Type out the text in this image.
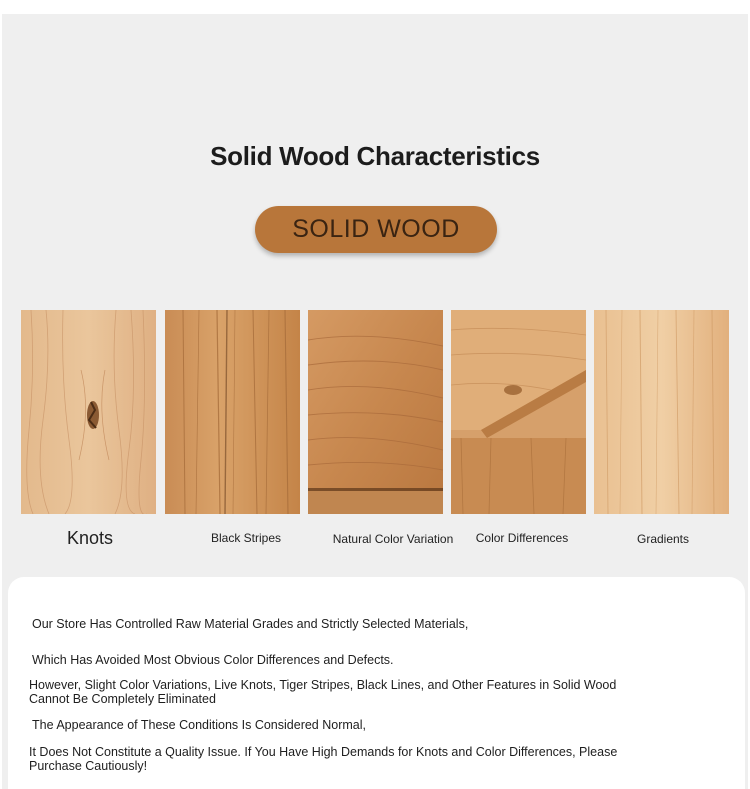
Solid Wood Characteristics
SOLID WOOD
Knots	Black Stripes	Natural Color Variation	Color Differences	Gradients
Our Store Has Controlled Raw Material Grades and Strictly Selected Materials,
Which Has Avoided Most Obvious Color Differences and Defects.
However, Slight Color Variations, Live Knots, Tiger Stripes, Black Lines, and Other Features in Solid Wood Cannot Be Completely Eliminated
The Appearance of These Conditions Is Considered Normal,
It Does Not Constitute a Quality Issue. If You Have High Demands for Knots and Color Differences, Please Purchase Cautiously!
